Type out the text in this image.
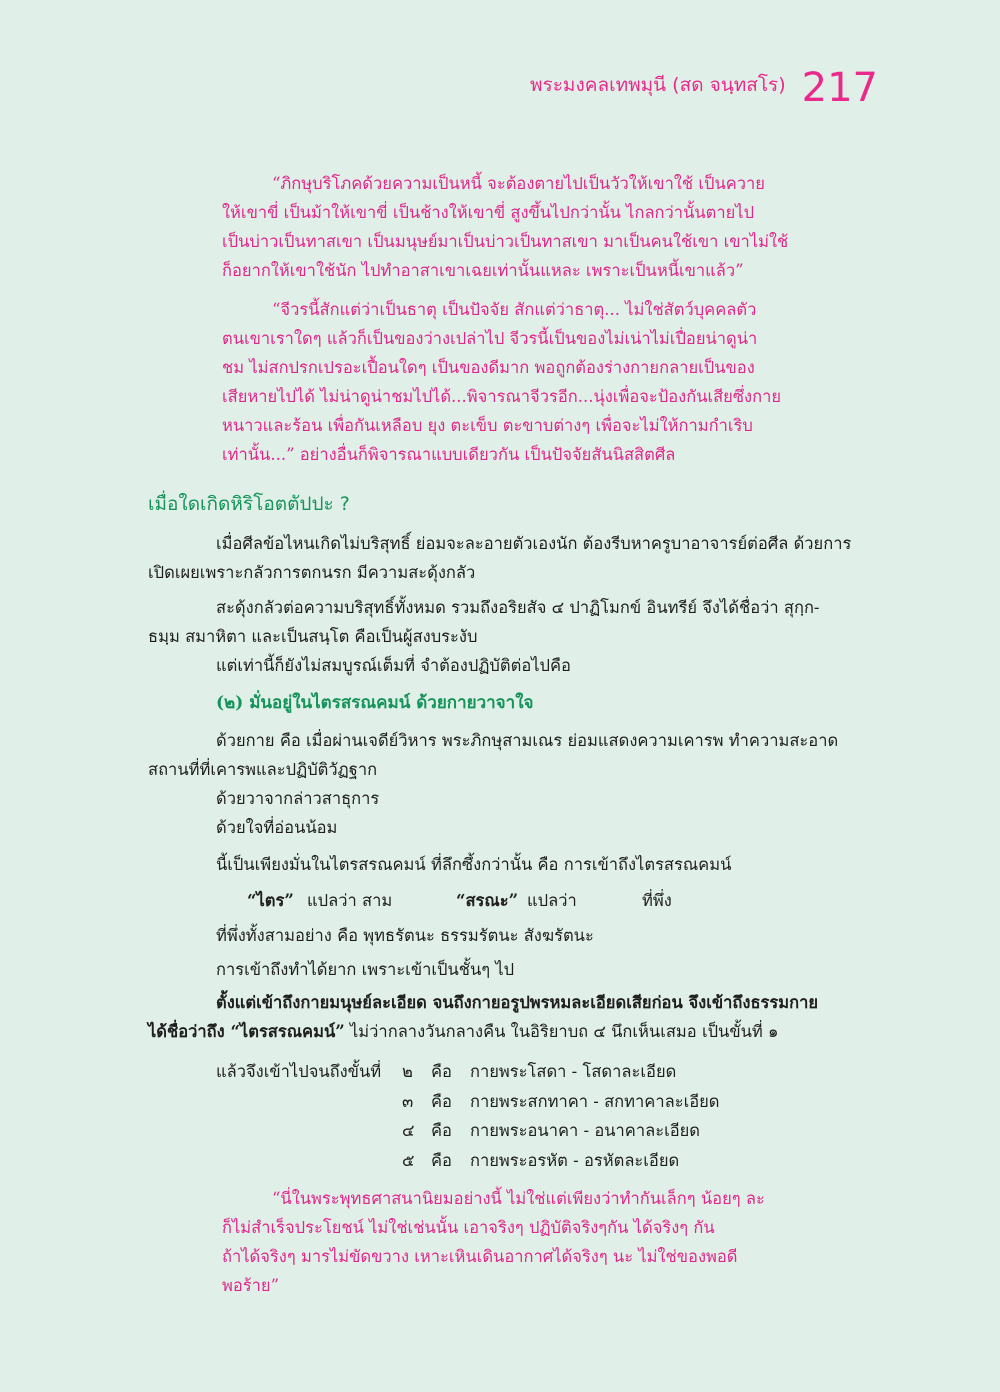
พระมงคลเทพมุนี (สด จนฺทสโร) 217
“ภิกษุบริโภคด้วยความเป็นหนี้ จะต้องตายไปเป็นวัวให้เขาใช้ เป็นควาย
ให้เขาขี่ เป็นม้าให้เขาขี่ เป็นช้างให้เขาขี่ สูงขึ้นไปกว่านั้น ไกลกว่านั้นตายไป
เป็นบ่าวเป็นทาสเขา เป็นมนุษย์มาเป็นบ่าวเป็นทาสเขา มาเป็นคนใช้เขา เขาไม่ใช้
ก็อยากให้เขาใช้นัก ไปทำอาสาเขาเฉยเท่านั้นแหละ เพราะเป็นหนี้เขาแล้ว”
“จีวรนี้สักแต่ว่าเป็นธาตุ เป็นปัจจัย สักแต่ว่าธาตุ... ไม่ใช่สัตว์บุคคลตัว
ตนเขาเราใดๆ แล้วก็เป็นของว่างเปล่าไป จีวรนี้เป็นของไม่เน่าไม่เปื่อยน่าดูน่า
ชม ไม่สกปรกเปรอะเปื้อนใดๆ เป็นของดีมาก พอถูกต้องร่างกายกลายเป็นของ
เสียหายไปได้ ไม่น่าดูน่าชมไปได้...พิจารณาจีวรอีก...นุ่งเพื่อจะป้องกันเสียซึ่งกาย
หนาวและร้อน เพื่อกันเหลือบ ยุง ตะเข็บ ตะขาบต่างๆ เพื่อจะไม่ให้กามกำเริบ
เท่านั้น...” อย่างอื่นก็พิจารณาแบบเดียวกัน เป็นปัจจัยสันนิสสิตศีล
เมื่อใดเกิดหิริโอตตัปปะ ?
เมื่อศีลข้อไหนเกิดไม่บริสุทธิ์ ย่อมจะละอายตัวเองนัก ต้องรีบหาครูบาอาจารย์ต่อศีล ด้วยการ
เปิดเผยเพราะกลัวการตกนรก มีความสะดุ้งกลัว
สะดุ้งกลัวต่อความบริสุทธิ์ทั้งหมด รวมถึงอริยสัจ ๔ ปาฏิโมกข์ อินทรีย์ จึงได้ชื่อว่า สุกฺก-
ธมฺม สมาหิตา และเป็นสนฺโต คือเป็นผู้สงบระงับ
แต่เท่านี้ก็ยังไม่สมบูรณ์เต็มที่ จำต้องปฏิบัติต่อไปคือ
(๒) มั่นอยู่ในไตรสรณคมน์ ด้วยกายวาจาใจ
ด้วยกาย คือ เมื่อผ่านเจดีย์วิหาร พระภิกษุสามเณร ย่อมแสดงความเคารพ ทำความสะอาด
สถานที่ที่เคารพและปฏิบัติวัฏฐาก
ด้วยวาจากล่าวสาธุการ
ด้วยใจที่อ่อนน้อม
นี้เป็นเพียงมั่นในไตรสรณคมน์ ที่ลึกซึ้งกว่านั้น คือ การเข้าถึงไตรสรณคมน์
“ไตร” แปลว่า สาม	“สรณะ” แปลว่า	ที่พึ่ง
ที่พึ่งทั้งสามอย่าง คือ พุทธรัตนะ ธรรมรัตนะ สังฆรัตนะ
การเข้าถึงทำได้ยาก เพราะเข้าเป็นชั้นๆ ไป
ตั้งแต่เข้าถึงกายมนุษย์ละเอียด จนถึงกายอรูปพรหมละเอียดเสียก่อน จึงเข้าถึงธรรมกาย
ได้ชื่อว่าถึง “ไตรสรณคมน์” ไม่ว่ากลางวันกลางคืน ในอิริยาบถ ๔ นึกเห็นเสมอ เป็นขั้นที่ ๑
แล้วจึงเข้าไปจนถึงขั้นที่ ๒ คือ กายพระโสดา - โสดาละเอียด
๓ คือ กายพระสกทาคา - สกทาคาละเอียด
๔ คือ กายพระอนาคา - อนาคาละเอียด
๕ คือ กายพระอรหัต - อรหัตละเอียด
“นี่ในพระพุทธศาสนานิยมอย่างนี้ ไม่ใช่แต่เพียงว่าทำกันเล็กๆ น้อยๆ ละ
ก็ไม่สำเร็จประโยชน์ ไม่ใช่เช่นนั้น เอาจริงๆ ปฏิบัติจริงๆกัน ได้จริงๆ กัน
ถ้าได้จริงๆ มารไม่ขัดขวาง เหาะเหินเดินอากาศได้จริงๆ นะ ไม่ใช่ของพอดี
พอร้าย”
